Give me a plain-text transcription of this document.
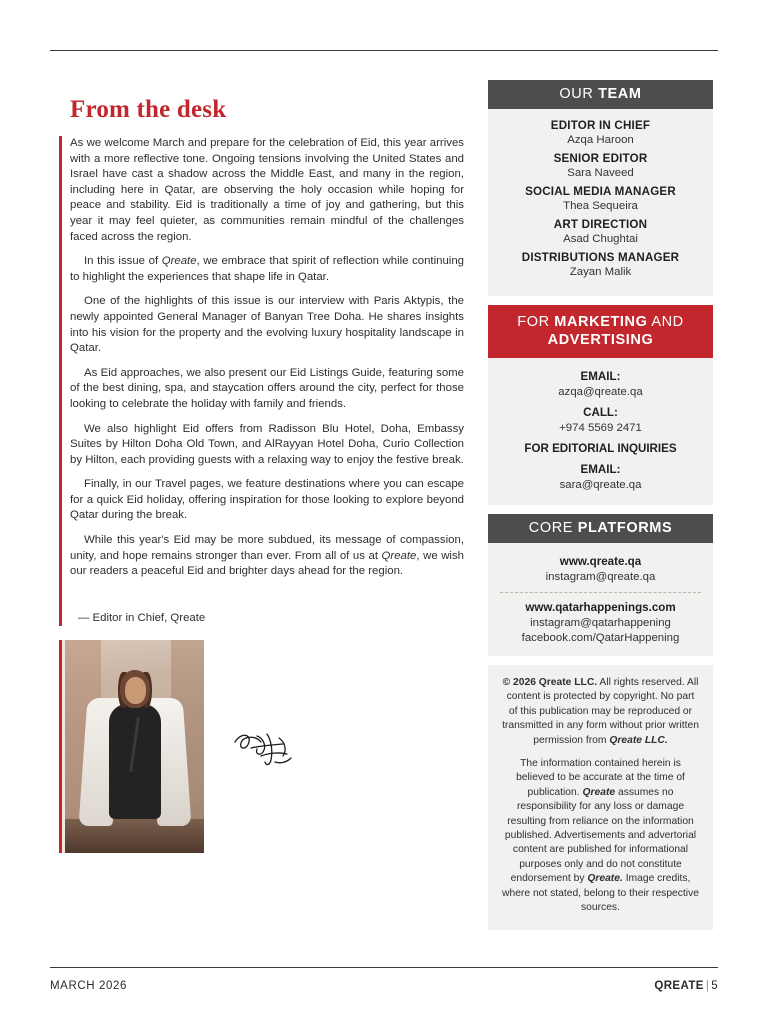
From the desk

As we welcome March and prepare for the celebration of Eid, this year arrives with a more reflective tone. Ongoing tensions involving the United States and Israel have cast a shadow across the Middle East, and many in the region, including here in Qatar, are observing the holy occasion while hoping for peace and stability. Eid is traditionally a time of joy and gathering, but this year it may feel quieter, as communities remain mindful of the challenges faced across the region.

In this issue of Qreate, we embrace that spirit of reflection while continuing to highlight the experiences that shape life in Qatar.

One of the highlights of this issue is our interview with Paris Aktypis, the newly appointed General Manager of Banyan Tree Doha. He shares insights into his vision for the property and the evolving luxury hospitality landscape in Qatar.

As Eid approaches, we also present our Eid Listings Guide, featuring some of the best dining, spa, and staycation offers around the city, perfect for those looking to celebrate the holiday with family and friends.

We also highlight Eid offers from Radisson Blu Hotel, Doha, Embassy Suites by Hilton Doha Old Town, and AlRayyan Hotel Doha, Curio Collection by Hilton, each providing guests with a relaxing way to enjoy the festive break.

Finally, in our Travel pages, we feature destinations where you can escape for a quick Eid holiday, offering inspiration for those looking to explore beyond Qatar during the break.

While this year's Eid may be more subdued, its message of compassion, unity, and hope remains stronger than ever. From all of us at Qreate, we wish our readers a peaceful Eid and brighter days ahead for the region.

— Editor in Chief, Qreate

OUR TEAM
EDITOR IN CHIEF
Azqa Haroon
SENIOR EDITOR
Sara Naveed
SOCIAL MEDIA MANAGER
Thea Sequeira
ART DIRECTION
Asad Chughtai
DISTRIBUTIONS MANAGER
Zayan Malik
FOR MARKETING AND
ADVERTISING
EMAIL:
azqa@qreate.qa
CALL:
+974 5569 2471
FOR EDITORIAL INQUIRIES
EMAIL:
sara@qreate.qa
CORE PLATFORMS
www.qreate.qa
instagram@qreate.qa
www.qatarhappenings.com
instagram@qatarhappening
facebook.com/QatarHappening

© 2026 Qreate LLC. All rights reserved. All content is protected by copyright. No part of this publication may be reproduced or transmitted in any form without prior written permission from Qreate LLC.

The information contained herein is believed to be accurate at the time of publication. Qreate assumes no responsibility for any loss or damage resulting from reliance on the information published. Advertisements and advertorial content are published for informational purposes only and do not constitute endorsement by Qreate. Image credits, where not stated, belong to their respective sources.

MARCH 2026	QREATE | 5
